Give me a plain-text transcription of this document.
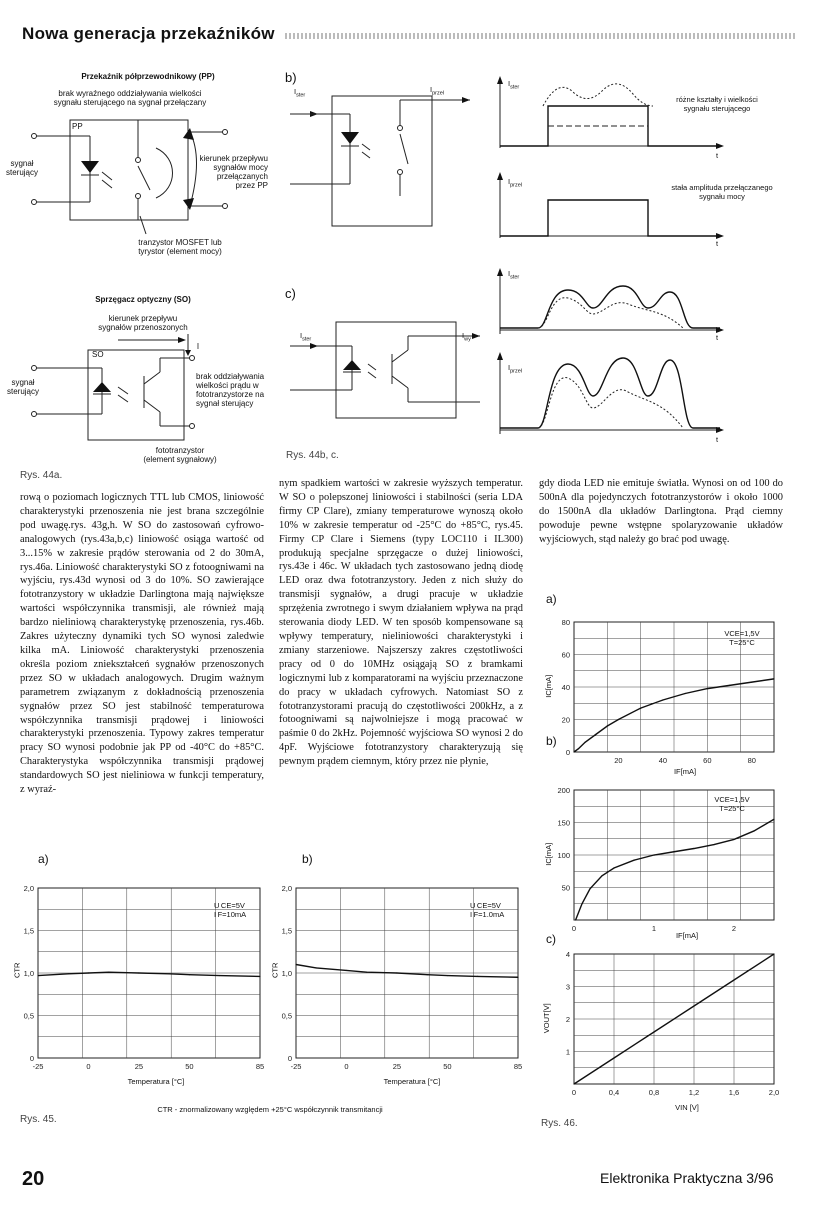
Nowa generacja przekaźników
Przekaźnik półprzewodnikowy (PP)
brak wyraźnego oddziaływania wielkości
sygnału sterującego na sygnał przełączany
PP
sygnał
sterujący
kierunek przepływu
sygnałów mocy
przełączanych
przez PP
tranzystor MOSFET lub
tyrystor (element mocy)
Sprzęgacz optyczny (SO)
kierunek przepływu
sygnałów przenoszonych
SO
sygnał
sterujący
I
brak oddziaływania
wielkości prądu w
fototranzystorze na
sygnał sterujący
fototranzystor
(element sygnałowy)
Rys. 44a.
b)
$I_{ster}$
$I_{przel}$
c)
$I_{ster}$	$I_{wy}$
$I_{ster}$
$I_{przel}$
$I_{ster}$
$I_{przel}$
t
t
t
t
różne kształty i wielkości
sygnału sterującego
stała amplituda przełączanego
sygnału mocy
Rys. 44b, c.
rową o poziomach logicznych TTL lub CMOS, liniowość charakterystyki przenoszenia nie jest brana szczególnie pod uwagę.rys. 43g,h. W SO do zastosowań cyfrowo-analogowych (rys.43a,b,c) liniowość osiąga wartość od 3...15% w zakresie prądów sterowania od 2 do 30mA, rys.46a. Liniowość charakterystyki SO z fotoogniwami na wyjściu, rys.43d wynosi od 3 do 10%. SO zawierające fototranzystory w układzie Darlingtona mają największe wartości współczynnika transmisji, ale również mają bardzo nieliniową charakterystykę przenoszenia, rys.46b. Zakres użyteczny dynamiki tych SO wynosi zaledwie kilka mA. Liniowość charakterystyki przenoszenia określa poziom zniekształceń sygnałów przenoszonych przez SO w układach analogowych. Drugim ważnym parametrem związanym z dokładnością przenoszenia sygnałów przez SO jest stabilność temperaturowa współczynnika transmisji prądowej i liniowości charakterystyki przenoszenia. Typowy zakres temperatur pracy SO wynosi podobnie jak PP od -40°C do +85°C. Charakterystyka współczynnika transmisji prądowej standardowych SO jest nieliniowa w funkcji temperatury, z wyraź-
nym spadkiem wartości w zakresie wyższych temperatur. W SO o polepszonej liniowości i stabilności (seria LDA firmy CP Clare), zmiany temperaturowe wynoszą około 10% w zakresie temperatur od -25°C do +85°C, rys.45. Firmy CP Clare i Siemens (typy LOC110 i IL300) produkują specjalne sprzęgacze o dużej liniowości, rys.43e i 46c. W układach tych zastosowano jedną diodę LED oraz dwa fototranzystory. Jeden z nich służy do transmisji sygnałów, a drugi pracuje w układzie sprzężenia zwrotnego i swym działaniem wpływa na prąd sterowania diody LED. W ten sposób kompensowane są wpływy temperatury, nieliniowości charakterystyki i zmiany starzeniowe. Najszerszy zakres częstotliwości pracy od 0 do 10MHz osiągają SO z bramkami logicznymi lub z komparatorami na wyjściu przeznaczone do pracy w układach cyfrowych. Natomiast SO z fototranzystorami pracują do częstotliwości 200kHz, a z fotoogniwami są najwolniejsze i mogą pracować w paśmie 0 do 2kHz. Pojemność wyjściowa SO wynosi 2 do 4pF. Wyjściowe fototranzystory charakteryzują się pewnym prądem ciemnym, który przez nie płynie,
gdy dioda LED nie emituje światła. Wynosi on od 100 do 500nA dla pojedynczych fototranzystorów i około 1000 do 1500nA dla układów Darlingtona. Prąd ciemny powoduje pewne wstępne spolaryzowanie układów wyjściowych, stąd należy go brać pod uwagę.
a)	b)
-25	0	25	50	85
0
0,5
1,0
1,5
2,0
-25	0	25	50	85
0
0,5
1,0
1,5
2,0
U CE=5V
I F=10mA
U CE=5V
I F=1.0mA
Temperatura [°C]	Temperatura [°C]
CTR	CTR
CTR - znormalizowany względem +25°C współczynnik transmitancji
Rys. 45.
a)
b)
c)
20	40	60	80
0
20
40
60
80
0	1	2
50
100
150
200
0	0,4	0,8	1,2	1,6	2,0
1
2
3
4
VCE=1,5V
T=25°C
VCE=1,5V
T=25°C
IF[mA]
IF[mA]
VIN [V]
IC[mA]
IC[mA]
VOUT[V]
Rys. 46.
20	Elektronika Praktyczna 3/96
